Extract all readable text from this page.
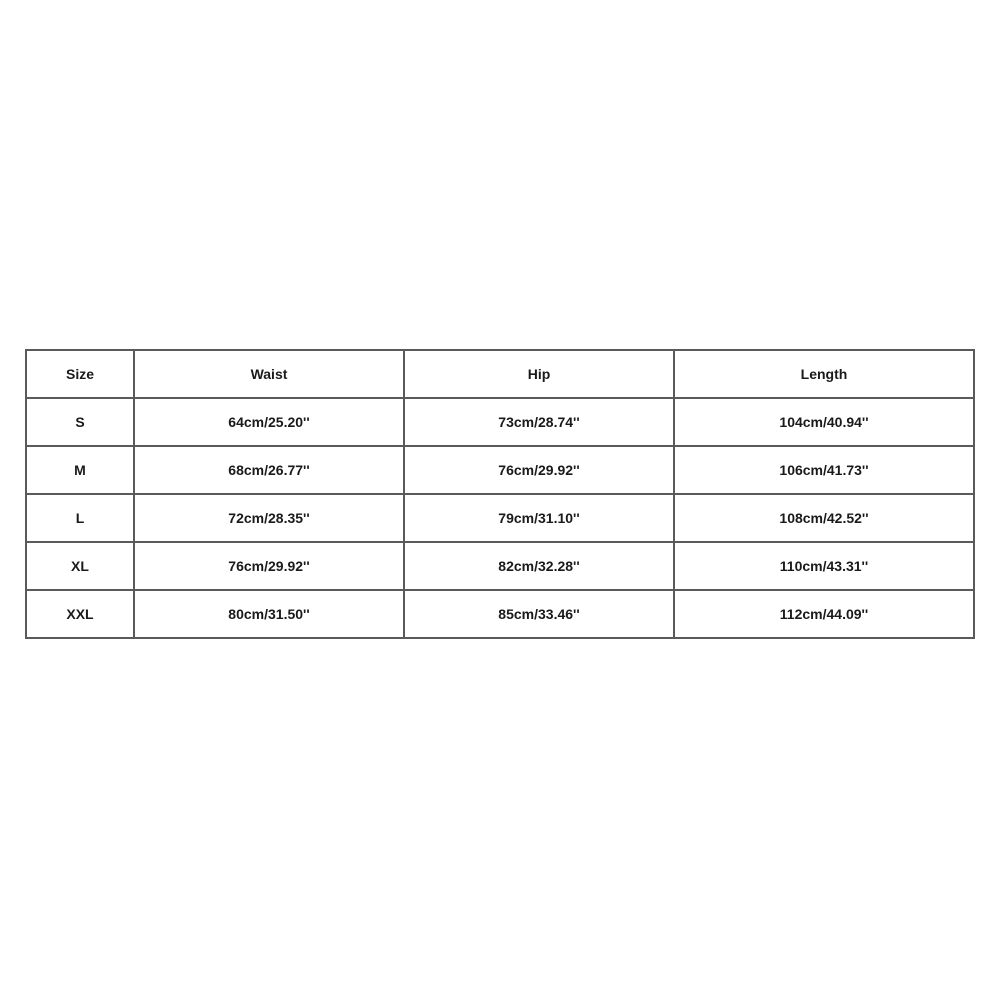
Size	Waist	Hip	Length
S	64cm/25.20''	73cm/28.74''	104cm/40.94''
M	68cm/26.77''	76cm/29.92''	106cm/41.73''
L	72cm/28.35''	79cm/31.10''	108cm/42.52''
XL	76cm/29.92''	82cm/32.28''	110cm/43.31''
XXL	80cm/31.50''	85cm/33.46''	112cm/44.09''
